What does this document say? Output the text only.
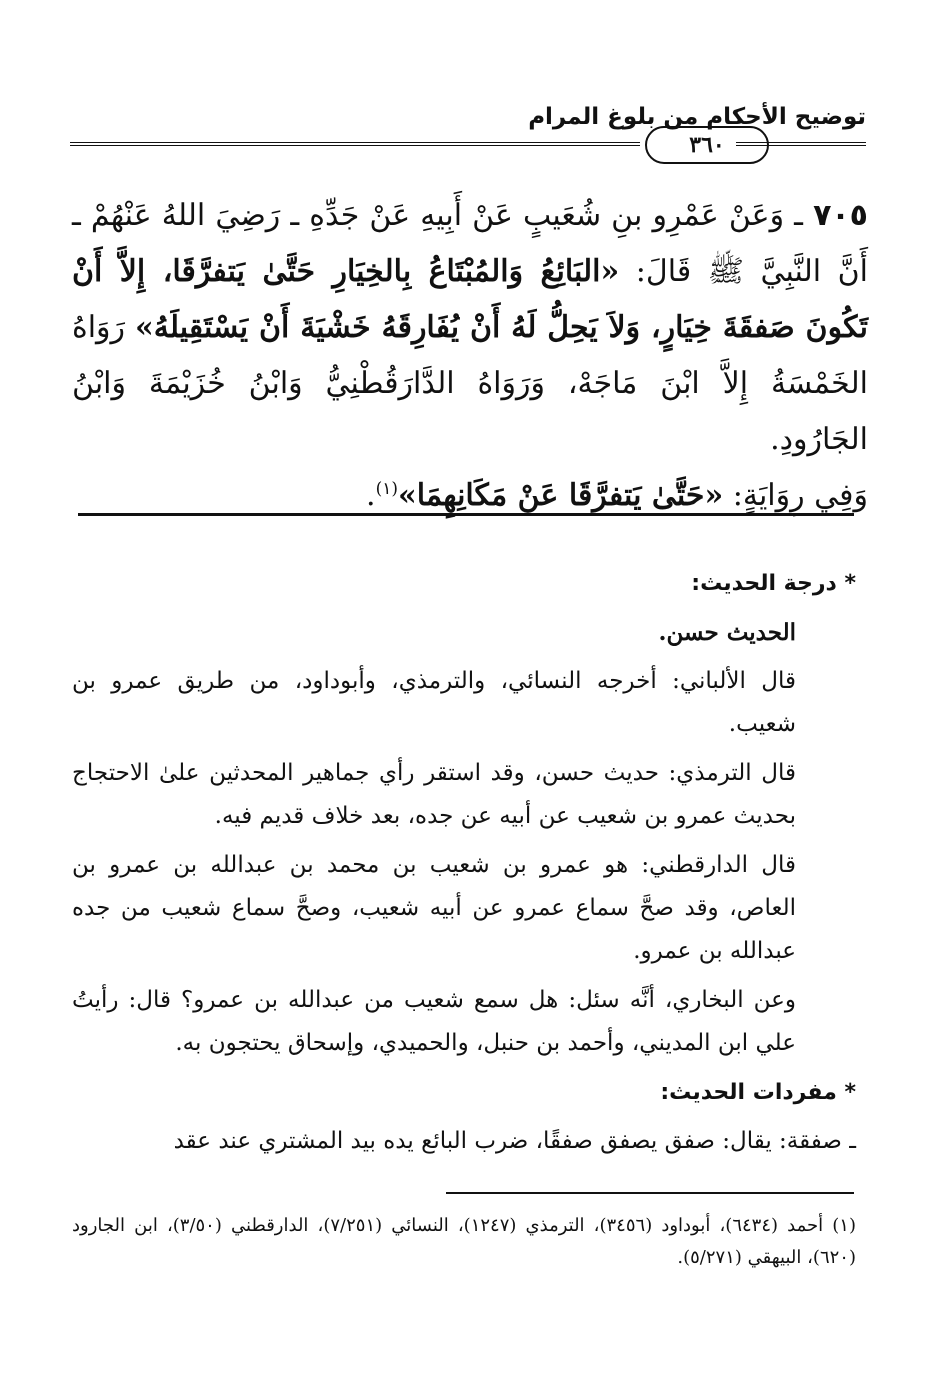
توضيح الأحكام من بلوغ المرام
٣٦٠
٧٠٥ ـ وَعَنْ عَمْرِو بنِ شُعَيبٍ عَنْ أَبِيهِ عَنْ جَدِّهِ ـ رَضِيَ اللهُ عَنْهُمْ ـ أَنَّ النَّبِيَّ ﷺ قَالَ: «البَائِعُ وَالمُبْتَاعُ بِالخِيَارِ حَتَّىٰ يَتفرَّقَا، إِلاَّ أَنْ تَكُونَ صَفقَةَ خِيَارٍ، وَلاَ يَحِلُّ لَهُ أَنْ يُفَارِقَهُ خَشْيَةَ أَنْ يَسْتَقِيلَهُ» رَوَاهُ الخَمْسَةُ إِلاَّ ابْنَ مَاجَهْ، وَرَوَاهُ الدَّارَقُطْنِيُّ وَابْنُ خُزَيْمَةَ وَابْنُ الجَارُودِ.
وَفِي رِوَايَةٍ: «حَتَّىٰ يَتفرَّقَا عَنْ مَكَانِهِمَا»$^{(١)}$.

* درجة الحديث:

الحديث حسن.

قال الألباني: أخرجه النسائي، والترمذي، وأبوداود، من طريق عمرو بن شعيب.

قال الترمذي: حديث حسن، وقد استقر رأي جماهير المحدثين علىٰ الاحتجاج بحديث عمرو بن شعيب عن أبيه عن جده، بعد خلاف قديم فيه.

قال الدارقطني: هو عمرو بن شعيب بن محمد بن عبدالله بن عمرو بن العاص، وقد صحَّ سماع عمرو عن أبيه شعيب، وصحَّ سماع شعيب من جده عبدالله بن عمرو.

وعن البخاري، أنَّه سئل: هل سمع شعيب من عبدالله بن عمرو؟ قال: رأيتُ علي ابن المديني، وأحمد بن حنبل، والحميدي، وإسحاق يحتجون به.

* مفردات الحديث:

ـ صفقة: يقال: صفق يصفق صفقًا، ضرب البائع يده بيد المشتري عند عقد

(١) أحمد (٦٤٣٤)، أبوداود (٣٤٥٦)، الترمذي (١٢٤٧)، النسائي (٧/٢٥١)، الدارقطني (٣/٥٠)، ابن الجارود (٦٢٠)، البيهقي (٥/٢٧١).
